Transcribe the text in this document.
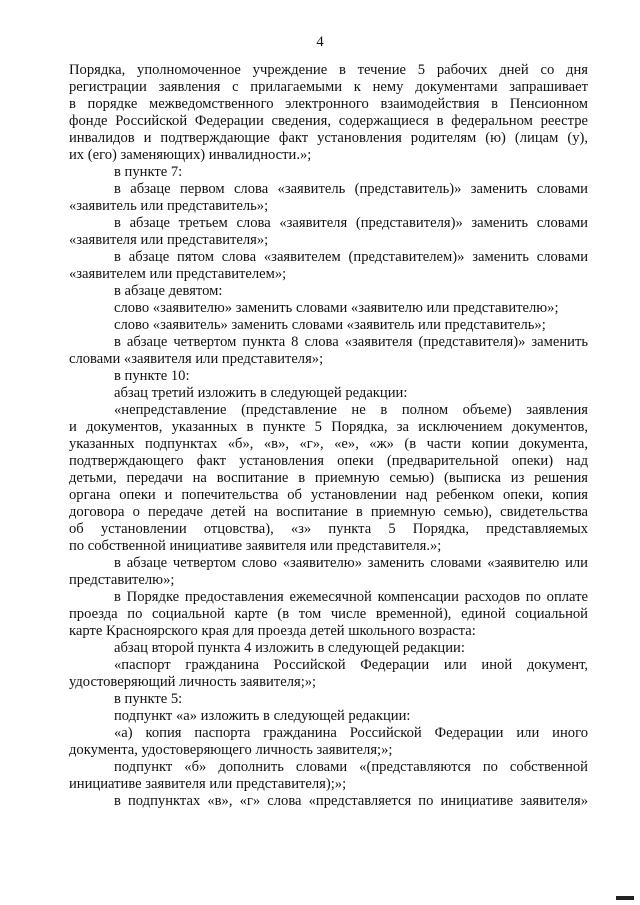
4
Порядка, уполномоченное учреждение в течение 5 рабочих дней со дня
регистрации заявления с прилагаемыми к нему документами запрашивает
в порядке межведомственного электронного взаимодействия в Пенсионном
фонде Российской Федерации сведения, содержащиеся в федеральном реестре
инвалидов и подтверждающие факт установления родителям (ю) (лицам (у),
их (его) заменяющих) инвалидности.»;
в пункте 7:
в абзаце первом слова «заявитель (представитель)» заменить словами
«заявитель или представитель»;
в абзаце третьем слова «заявителя (представителя)» заменить словами
«заявителя или представителя»;
в абзаце пятом слова «заявителем (представителем)» заменить словами
«заявителем или представителем»;
в абзаце девятом:
слово «заявителю» заменить словами «заявителю или представителю»;
слово «заявитель» заменить словами «заявитель или представитель»;
в абзаце четвертом пункта 8 слова «заявителя (представителя)» заменить
словами «заявителя или представителя»;
в пункте 10:
абзац третий изложить в следующей редакции:
«непредставление (представление не в полном объеме) заявления
и документов, указанных в пункте 5 Порядка, за исключением документов,
указанных подпунктах «б», «в», «г», «е», «ж» (в части копии документа,
подтверждающего факт установления опеки (предварительной опеки) над
детьми, передачи на воспитание в приемную семью) (выписка из решения
органа опеки и попечительства об установлении над ребенком опеки, копия
договора о передаче детей на воспитание в приемную семью), свидетельства
об установлении отцовства), «з» пункта 5 Порядка, представляемых
по собственной инициативе заявителя или представителя.»;
в абзаце четвертом слово «заявителю» заменить словами «заявителю или
представителю»;
в Порядке предоставления ежемесячной компенсации расходов по оплате
проезда по социальной карте (в том числе временной), единой социальной
карте Красноярского края для проезда детей школьного возраста:
абзац второй пункта 4 изложить в следующей редакции:
«паспорт гражданина Российской Федерации или иной документ,
удостоверяющий личность заявителя;»;
в пункте 5:
подпункт «а» изложить в следующей редакции:
«а) копия паспорта гражданина Российской Федерации или иного
документа, удостоверяющего личность заявителя;»;
подпункт «б» дополнить словами «(представляются по собственной
инициативе заявителя или представителя);»;
в подпунктах «в», «г» слова «представляется по инициативе заявителя»
